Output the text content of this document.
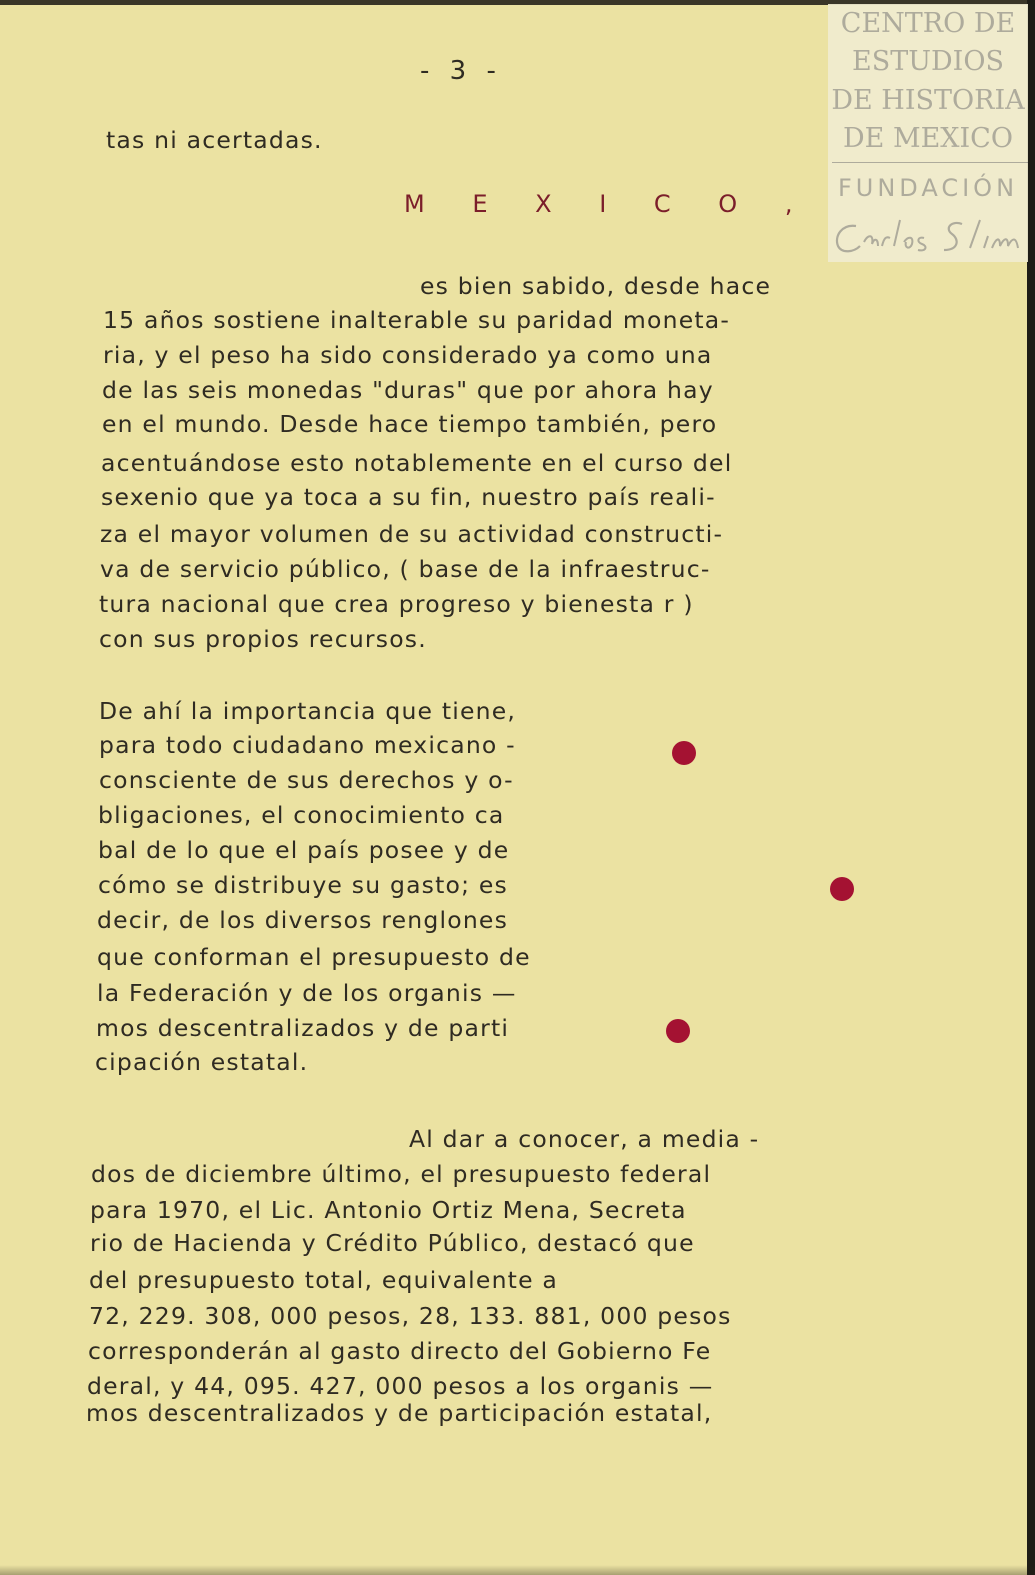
CENTRO DE
ESTUDIOS
DE HISTORIA
DE MEXICO
FUNDACIÓN
- 3 -
tas ni acertadas.
M E X I C O ,
es bien sabido, desde hace
15 años sostiene inalterable su paridad moneta-
ria, y el peso ha sido considerado ya como una
de las seis monedas "duras" que por ahora hay
en el mundo. Desde hace tiempo también, pero
acentuándose esto notablemente en el curso del
sexenio que ya toca a su fin, nuestro país reali-
za el mayor volumen de su actividad constructi-
va de servicio público, ( base de la infraestruc-
tura nacional que crea progreso y bienesta r )
con sus propios recursos.
De ahí la importancia que tiene,
para todo ciudadano mexicano -
consciente de sus derechos y o-
bligaciones, el conocimiento ca
bal de lo que el país posee y de
cómo se distribuye su gasto; es
decir, de los diversos renglones
que conforman el presupuesto de
la Federación y de los organis —
mos descentralizados y de parti
cipación estatal.
Al dar a conocer, a media -
dos de diciembre último, el presupuesto federal
para 1970, el Lic. Antonio Ortiz Mena, Secreta
rio de Hacienda y Crédito Público, destacó que
del presupuesto total, equivalente a
72, 229. 308, 000 pesos, 28, 133. 881, 000 pesos
corresponderán al gasto directo del Gobierno Fe
deral, y 44, 095. 427, 000 pesos a los organis —
mos descentralizados y de participación estatal,
